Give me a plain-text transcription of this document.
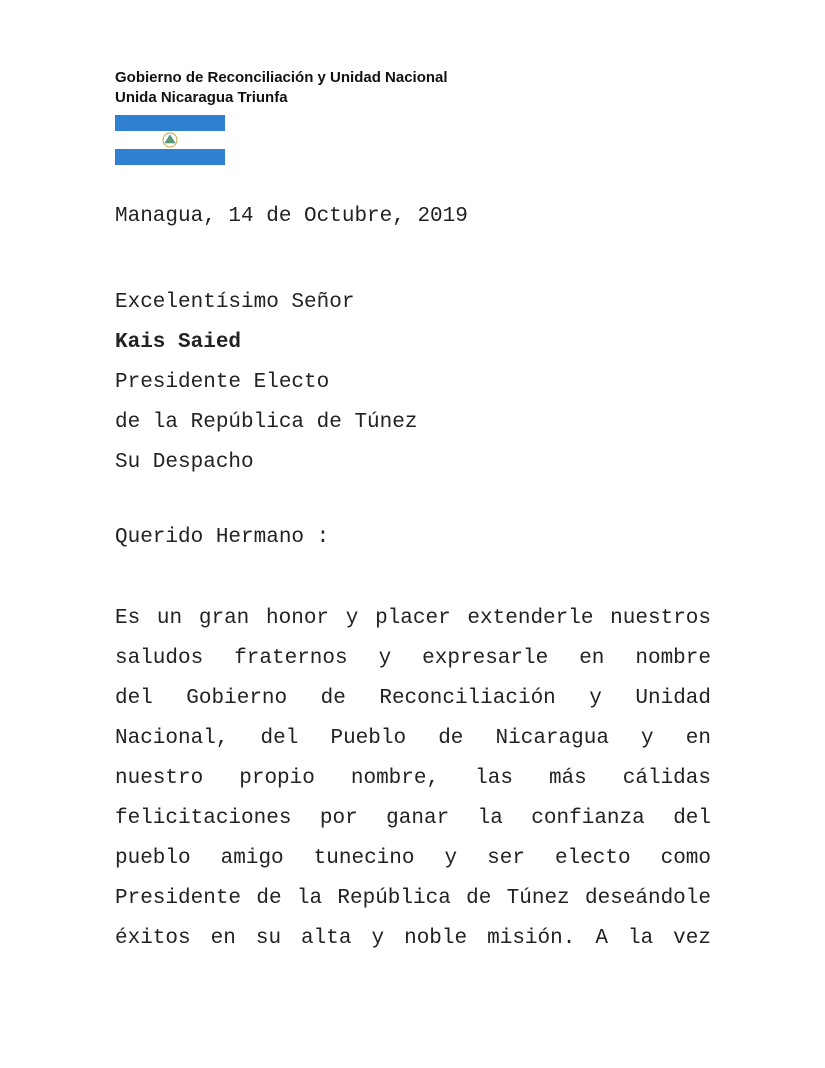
Gobierno de Reconciliación y Unidad Nacional
Unida Nicaragua Triunfa
Managua, 14 de Octubre, 2019
Excelentísimo Señor
Kais Saied
Presidente Electo
de la República de Túnez
Su Despacho
Querido Hermano :
Es un gran honor y placer extenderle nuestros
saludos fraternos y expresarle en nombre
del Gobierno de Reconciliación y Unidad
Nacional, del Pueblo de Nicaragua y en
nuestro propio nombre, las más cálidas
felicitaciones por ganar la confianza del
pueblo amigo tunecino y ser electo como
Presidente de la República de Túnez deseándole
éxitos en su alta y noble misión. A la vez
